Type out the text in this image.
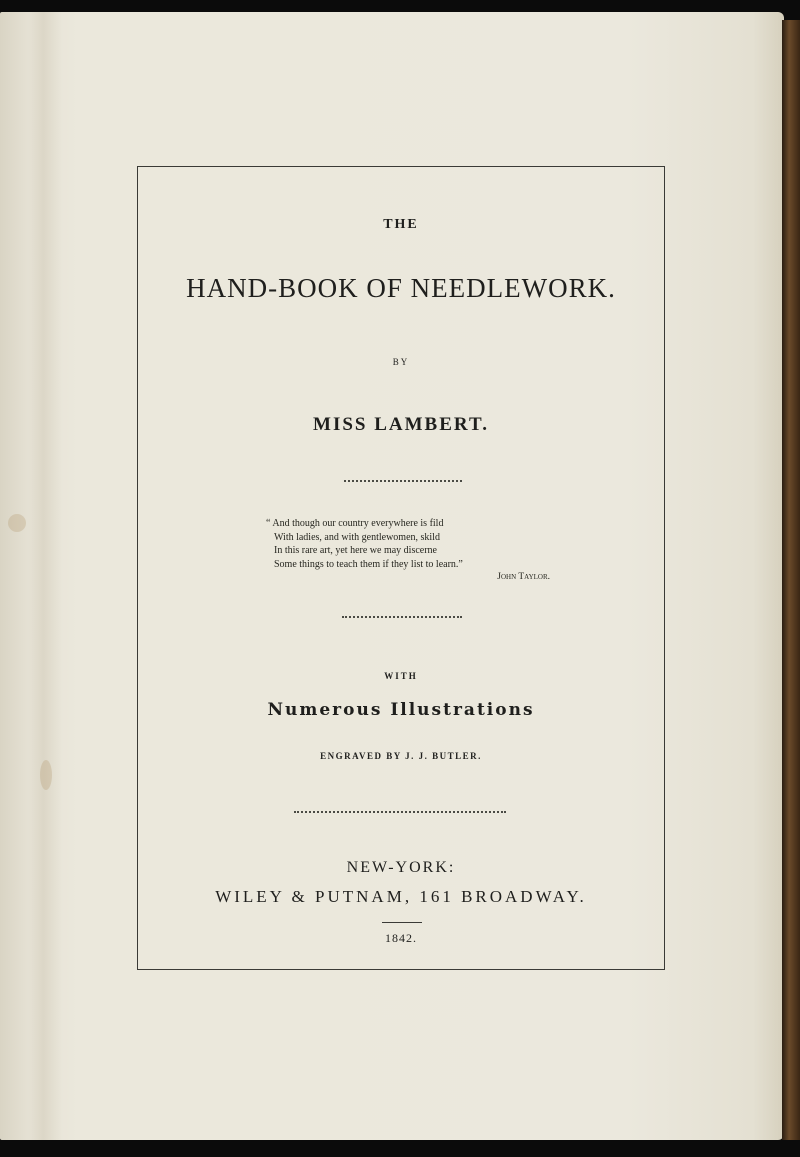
THE

HAND-BOOK OF NEEDLEWORK.

BY

MISS LAMBERT.

“ And though our country everywhere is fild
With ladies, and with gentlewomen, skild
In this rare art, yet here we may discerne
Some things to teach them if they list to learn.”
John Taylor.

WITH

Numerous Illustrations

ENGRAVED BY J. J. BUTLER.

NEW-YORK:

WILEY & PUTNAM, 161 BROADWAY.

1842.
